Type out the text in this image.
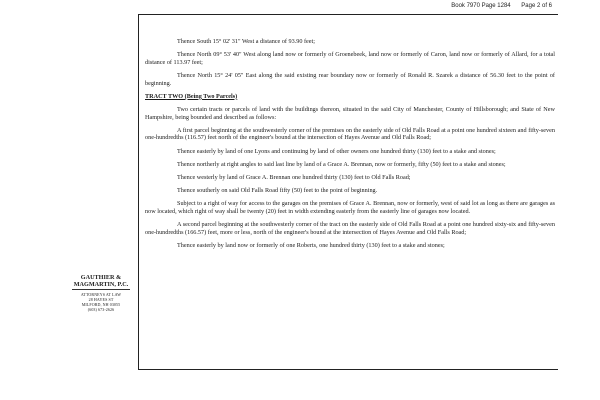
Book 7970 Page 1284 Page 2 of 6

Thence South 15° 02' 31" West a distance of 93.90 feet;

Thence North 09° 53' 40" West along land now or formerly of Groenebeek, land now or formerly of Caron, land now or formerly of Allard, for a total distance of 113.97 feet;

Thence North 15° 24' 05" East along the said existing rear boundary now or formerly of Ronald R. Szarek a distance of 56.30 feet to the point of beginning.

TRACT TWO (Being Two Parcels)

Two certain tracts or parcels of land with the buildings thereon, situated in the said City of Manchester, County of Hillsborough; and State of New Hampshire, being bounded and described as follows:

A first parcel beginning at the southwesterly corner of the premises on the easterly side of Old Falls Road at a point one hundred sixteen and fifty-seven one-hundredths (116.57) feet north of the engineer's bound at the intersection of Hayes Avenue and Old Falls Road;

Thence easterly by land of one Lyons and continuing by land of other owners one hundred thirty (130) feet to a stake and stones;

Thence northerly at right angles to said last line by land of a Grace A. Brennan, now or formerly, fifty (50) feet to a stake and stones;

Thence westerly by land of Grace A. Brennan one hundred thirty (130) feet to Old Falls Road;

Thence southerly on said Old Falls Road fifty (50) feet to the point of beginning.

Subject to a right of way for access to the garages on the premises of Grace A. Brennan, now or formerly, west of said lot as long as there are garages as now located, which right of way shall be twenty (20) feet in width extending easterly from the easterly line of garages now located.

A second parcel beginning at the southwesterly corner of the tract on the easterly side of Old Falls Road at a point one hundred sixty-six and fifty-seven one-hundredths (166.57) feet, more or less, north of the engineer's bound at the intersection of Hayes Avenue and Old Falls Road;

Thence easterly by land now or formerly of one Roberts, one hundred thirty (130) feet to a stake and stones;

GAUTHIER &
MAGMARTIN, P.C.
ATTORNEYS AT LAW
28 HAYES ST
MILFORD, NH 03055
(603) 673-2626
